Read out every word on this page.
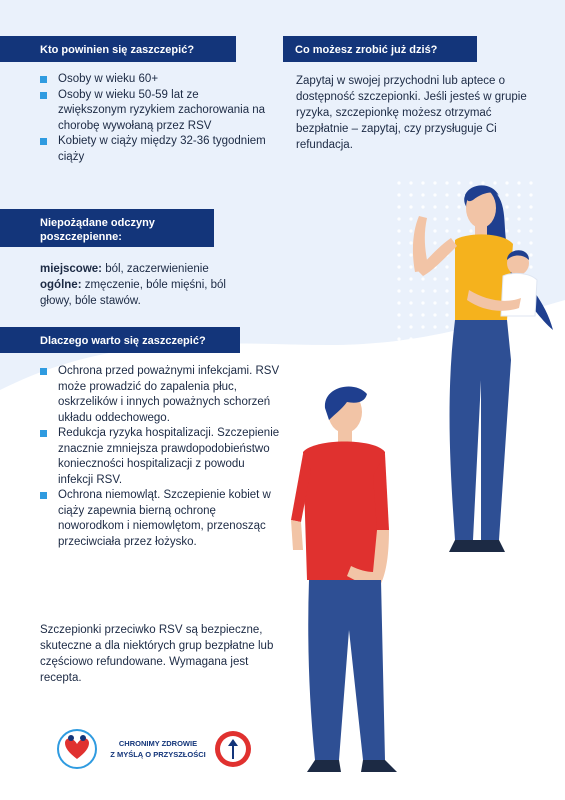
Kto powinien się zaszczepić?
Osoby w wieku 60+
Osoby w wieku 50-59 lat ze zwiększonym ryzykiem zachorowania na chorobę wywołaną przez RSV
Kobiety w ciąży między 32-36 tygodniem ciąży
Co możesz zrobić już dziś?

Zapytaj w swojej przychodni lub aptece o dostępność szczepionki. Jeśli jesteś w grupie ryzyka, szczepionkę możesz otrzymać bezpłatnie – zapytaj, czy przysługuje Ci refundacja.

Niepożądane odczyny poszczepienne:

miejscowe: ból, zaczerwienienie
ogólne: zmęczenie, bóle mięśni, ból głowy, bóle stawów.

Dlaczego warto się zaszczepić?
Ochrona przed poważnymi infekcjami. RSV może prowadzić do zapalenia płuc, oskrzelików i innych poważnych schorzeń układu oddechowego.
Redukcja ryzyka hospitalizacji. Szczepienie znacznie zmniejsza prawdopodobieństwo konieczności hospitalizacji z powodu infekcji RSV.
Ochrona niemowląt. Szczepienie kobiet w ciąży zapewnia bierną ochronę noworodkom i niemowlętom, przenosząc przeciwciała przez łożysko.

Szczepionki przeciwko RSV są bezpieczne, skuteczne a dla niektórych grup bezpłatne lub częściowo refundowane. Wymagana jest recepta.

CHRONIMY ZDROWIE
Z MYŚLĄ O PRZYSZŁOŚCI
